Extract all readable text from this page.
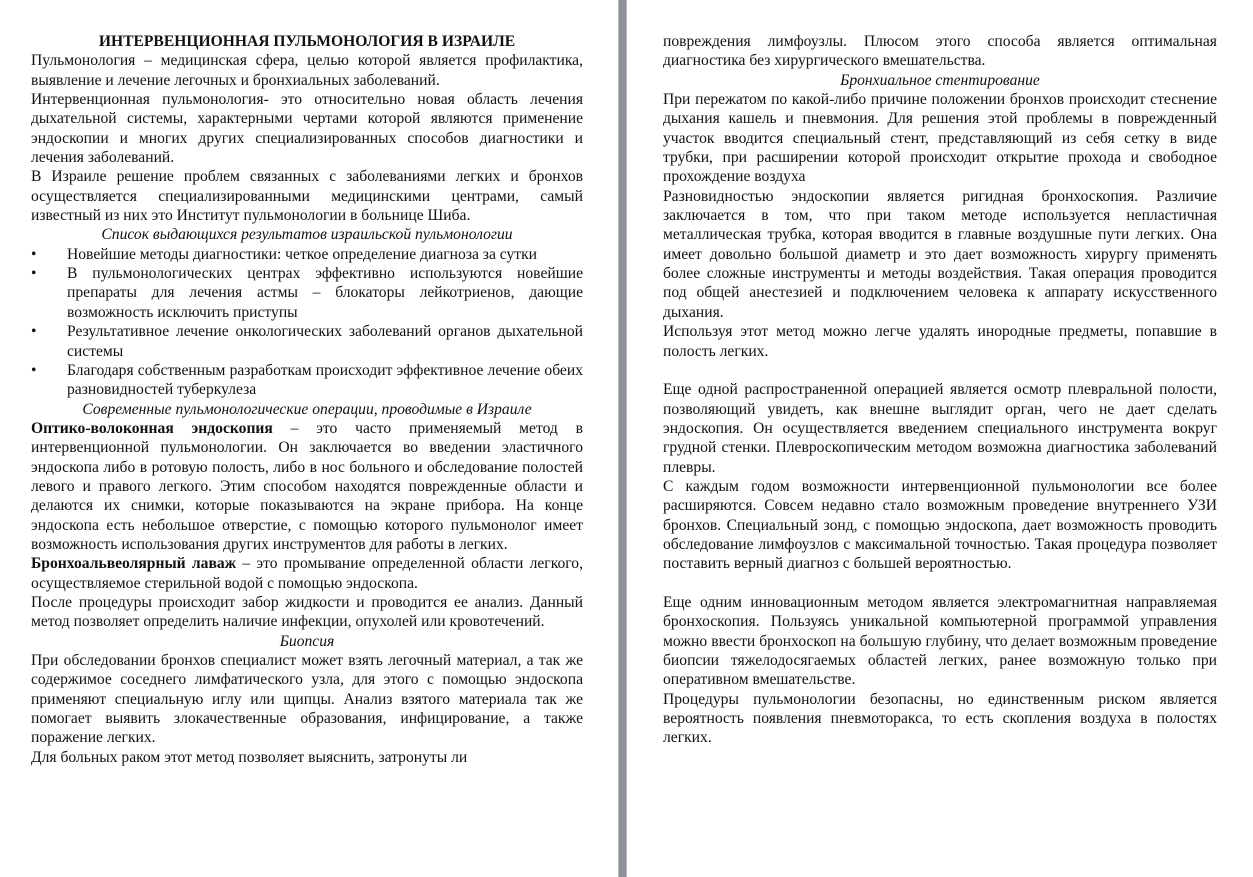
ИНТЕРВЕНЦИОННАЯ ПУЛЬМОНОЛОГИЯ В ИЗРАИЛЕ

Пульмонология – медицинская сфера, целью которой является профилактика, выявление и лечение легочных и бронхиальных заболеваний.

Интервенционная пульмонология- это относительно новая область лечения дыхательной системы, характерными чертами которой являются применение эндоскопии и многих других специализированных способов диагностики и лечения заболеваний.

В Израиле решение проблем связанных с заболеваниями легких и бронхов осуществляется специализированными медицинскими центрами, самый известный из них это Институт пульмонологии в больнице Шиба.

Список выдающихся результатов израильской пульмонологии

• Новейшие методы диагностики: четкое определение диагноза за сутки
• В пульмонологических центрах эффективно используются новейшие препараты для лечения астмы – блокаторы лейкотриенов, дающие возможность исключить приступы
• Результативное лечение онкологических заболеваний органов дыхательной системы
• Благодаря собственным разработкам происходит эффективное лечение обеих разновидностей туберкулеза

Современные пульмонологические операции, проводимые в Израиле

Оптико-волоконная эндоскопия – это часто применяемый метод в интервенционной пульмонологии. Он заключается во введении эластичного эндоскопа либо в ротовую полость, либо в нос больного и обследование полостей левого и правого легкого. Этим способом находятся поврежденные области и делаются их снимки, которые показываются на экране прибора. На конце эндоскопа есть небольшое отверстие, с помощью которого пульмонолог имеет возможность использования других инструментов для работы в легких.

Бронхоальвеолярный лаваж – это промывание определенной области легкого, осуществляемое стерильной водой с помощью эндоскопа.

После процедуры происходит забор жидкости и проводится ее анализ. Данный метод позволяет определить наличие инфекции, опухолей или кровотечений.

Биопсия

При обследовании бронхов специалист может взять легочный материал, а так же содержимое соседнего лимфатического узла, для этого с помощью эндоскопа применяют специальную иглу или щипцы. Анализ взятого материала так же помогает выявить злокачественные образования, инфицирование, а также поражение легких.

Для больных раком этот метод позволяет выяснить, затронуты ли

повреждения лимфоузлы. Плюсом этого способа является оптимальная диагностика без хирургического вмешательства.

Бронхиальное стентирование

При пережатом по какой-либо причине положении бронхов происходит стеснение дыхания кашель и пневмония. Для решения этой проблемы в поврежденный участок вводится специальный стент, представляющий из себя сетку в виде трубки, при расширении которой происходит открытие прохода и свободное прохождение воздуха

Разновидностью эндоскопии является ригидная бронхоскопия. Различие заключается в том, что при таком методе используется непластичная металлическая трубка, которая вводится в главные воздушные пути легких. Она имеет довольно большой диаметр и это дает возможность хирургу применять более сложные инструменты и методы воздействия. Такая операция проводится под общей анестезией и подключением человека к аппарату искусственного дыхания.

Используя этот метод можно легче удалять инородные предметы, попавшие в полость легких.

Еще одной распространенной операцией является осмотр плевральной полости, позволяющий увидеть, как внешне выглядит орган, чего не дает сделать эндоскопия. Он осуществляется введением специального инструмента вокруг грудной стенки. Плевроскопическим методом возможна диагностика заболеваний плевры.

С каждым годом возможности интервенционной пульмонологии все более расширяются. Совсем недавно стало возможным проведение внутреннего УЗИ бронхов. Специальный зонд, с помощью эндоскопа, дает возможность проводить обследование лимфоузлов с максимальной точностью. Такая процедура позволяет поставить верный диагноз с большей вероятностью.

Еще одним инновационным методом является электромагнитная направляемая бронхоскопия. Пользуясь уникальной компьютерной программой управления можно ввести бронхоскоп на большую глубину, что делает возможным проведение биопсии тяжелодосягаемых областей легких, ранее возможную только при оперативном вмешательстве.

Процедуры пульмонологии безопасны, но единственным риском является вероятность появления пневмоторакса, то есть скопления воздуха в полостях легких.
